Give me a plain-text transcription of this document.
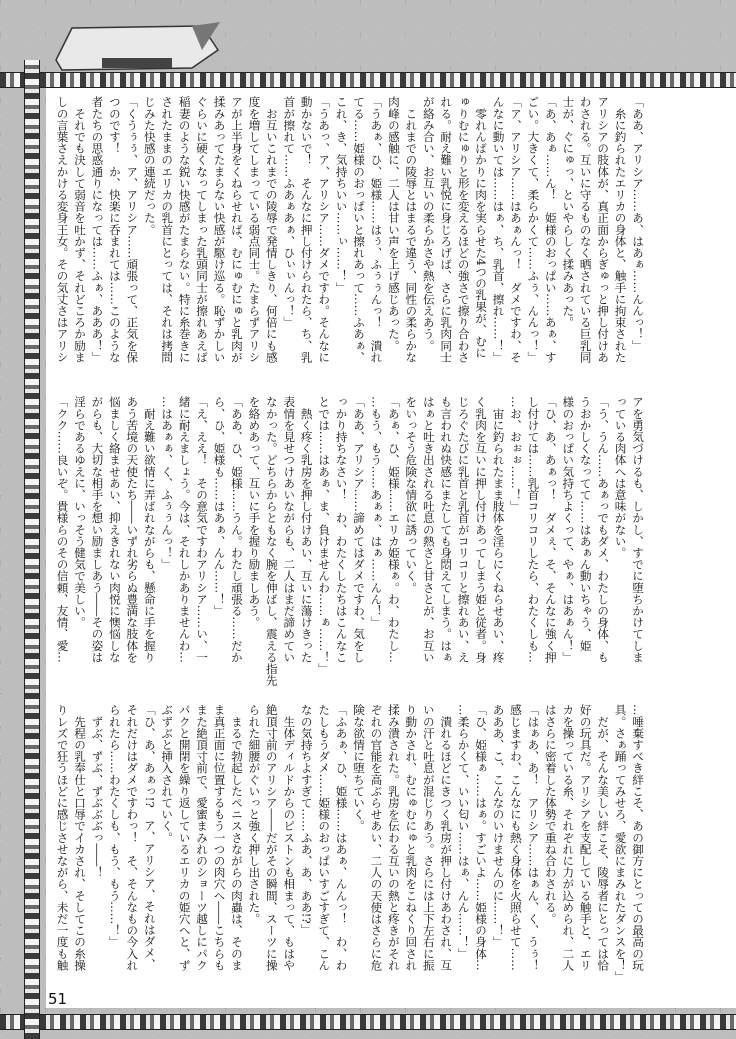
「ああ、アリシア……あ、はあぁ……んんっ！」
　糸に釣られたエリカの身体と、触手に拘束された
アリシアの肢体が、真正面からぎゅっと押し付けあ
わされる。互いに守るものなく晒されている巨乳同
士が、ぐにゅっ、といやらしく揉みあった。
「あ、あぁ……ん！　姫様のおっぱい……あぁ、す
ごい。大きくて、柔らかくて……ふぅ、んんっ！」
「ア、アリシア……はあぁんっ！　ダメですわ、そ
んなに動いては……はぁ、ち、乳首、擦れ……！」
　零れんばかりに肉を実らせた4つの乳果が、むに
ゅりむにゅりと形を変えるほどの強さで擦り合わさ
れる。耐え難い乳悦に身じろげば、さらに乳肉同士
が絡み合い、お互いの柔らかさや熱を伝えあう。
　これまでの陵辱とはまるで違う、同性の柔らかな
肉峰の感触に、二人は甘い声を上げ感じあった。
「うあぁ、ひ、姫様……はぅ、ふぅぅんっ！　潰れ
てる……姫様のおっぱいと擦れあって……ふあぁ、
これ、き、気持ちいい……ぃ……！」
「うあっ、ア、アリシア……ダメですわ。そんなに
動かないで！　そんなに押し付けられたら、ち、乳
首が擦れて……ふあぁあぁ、ひぃぃんっ！」
　お互いこれまでの陵辱で発情しきり、何倍にも感
度を増してしまっている弱点同士。たまらずアリシ
アが上半身をくねらせれば、むにゅむにゅと乳肉が
揉みあってたまらない快感が駆け巡る。恥ずかしい
ぐらいに硬くなってしまった乳頭同士が擦れあえば
稲妻のような鋭い快感がたまらない。特に糸巻きに
されたままのエリカの乳首にとっては、それは拷問
じみた快感の連続だった。
「くうぅぅ、ア、アリシア……頑張って、正気を保
つのです！　か、快楽に呑まれては……このような
者たちの思惑通りになっては……ふぁ、あああ！」
　それでも決して弱音を吐かず、それどころか励ま
しの言葉さえかける変身王女。その気丈さはアリシ
アを勇気づけるも、しかし、すでに堕ちかけてしま
っている肉体へは意味がない。
「う、うん……あぁっでもダメ、わたしの身体、も
うおかしくなってて……はあぁん動いちゃう、姫
様のおっぱい気持ちよくって、やぁ、はあぁん！」
「ひ、あ、あぁっ！　ダメぇ、そ、そんなに強く押
し付けては……乳首コリコリしたら、わたくしも…
…お、おぉぉ……！」
　宙に釣られたまま肢体を淫らにくねらせあい、疼
く乳肉を互いに押し付けあってしまう姫と従者。身
じろぐたびに乳首と乳首がコリコリと擦れあい、え
も言われぬ快感にまたしても身悶えてしまう。はぁ
はぁと吐き出される吐息の熱さと甘さとが、お互い
をいっそう危険な情欲に誘っていく。
「あぁ、ひ、姫様……エリカ姫様ぁ。わ、わたし…
…もう、もう……あぁぁ、はぁ……んん！」
「ああ、アリシア……諦めてはダメですわ、気をし
っかり持ちなさい！　わ、わたくしたちはこんなこ
とでは……はあぁ、ま、負けませんわ……ぁ……！」
　熱く疼く乳房を押し付けあい、互いに蕩けきった
表情を見せつけあいながらも、二人はまだ諦めてい
なかった。どちらからともなく腕を伸ばし、震える指先
を絡めあって、互いに手を握り励ましあう。
「ああ、ひ、姫様……うん。わたし頑張る……だか
ら、ひ、姫様も……はあぁ、んん……！」
「え、ええ！　その意気ですわアリシア……い、一
緒に耐えましょう。今は、それしかありませんわ…
…はあぁぁ、く、ふぅぅんっ！」
　耐え難い欲情に弄ばれながらも、懸命に手を握り
あう苦境の天使たち――いずれ劣らぬ豊満な肢体を
悩ましく絡ませあい、抑えきれない肉悦に懊悩しな
がらも、大切な相手を想い励ましあう――その姿は
淫らであるゆえに、いっそう健気で美しい。
「クク……良いぞ。貴様らのその信頼、友情、愛…
…唾棄すべき絆こそ、あの御方にとっての最高の玩
具。さぁ踊ってみせろ、愛欲にまみれたダンスを！」
　だが、そんな美しい絆こそ、陵辱者にとっては恰
好の玩具だ。アリシアを支配している触手と、エリ
カを操っている糸、それぞれに力が込められ、二人
はさらに密着した体勢で重ね合わされる。
「はぁあ、あ！　アリシア……はぁん、く、うぅ！
感じますわ、こんなにも熱く身体を火照らせて……
あああ、こ、こんなのいけませんのに……！」
「ひ、姫様ぁ……はぁ。すごいよ……姫様の身体…
…柔らかくて、いい匂い……はぁ、んん……！」
　潰れるほどにきつく乳房が押し付けあわされ、互
いの汗と吐息が混じりあう。さらには上下左右に振
り動かされ、むにゅむにゅと乳肉をこねくり回され
揉み潰された。乳房を伝わる互いの熱と疼きがそれ
ぞれの官能を高ぶらせあい、二人の天使はさらに危
険な欲情に堕ちていく。
「ふあぁ、ひ、姫様……はあぁ、んんっ！　わ、わ
たしもうダメ……姫様のおっぱいすごすぎて、こん
なの気持ちよすぎて……ふあ、あ、ああ!?」
　生体ディルドからのピストンも相まって、もはや
絶頂寸前のアリシア――だがその瞬間、スーツに操
られた細腰がぐいっと強く押し出された。
　まるで勃起したペニスさながらの肉蟲は、そのま
ま真正面に位置するもう一つの肉穴へ――こちらも
また絶頂寸前で、愛蜜まみれのショーツ越しにパク
パクと開閉を繰り返しているエリカの姫穴へと、ず
ぶずぶと挿入されていく。
「ひ、あ、あぁっ!?　ア、アリシア、それはダメ、
それだけはダメですわっ！　そ、そんなもの今入れ
られたら……わたくしも、もう、もう……！」
　ずぶ、ずぶ、ずぶぶぶっ――！
　先程の乳奉仕と口辱でイカされ、そしてこの糸操
りレズで狂うほどに感じさせながら、未だ一度も触
51
